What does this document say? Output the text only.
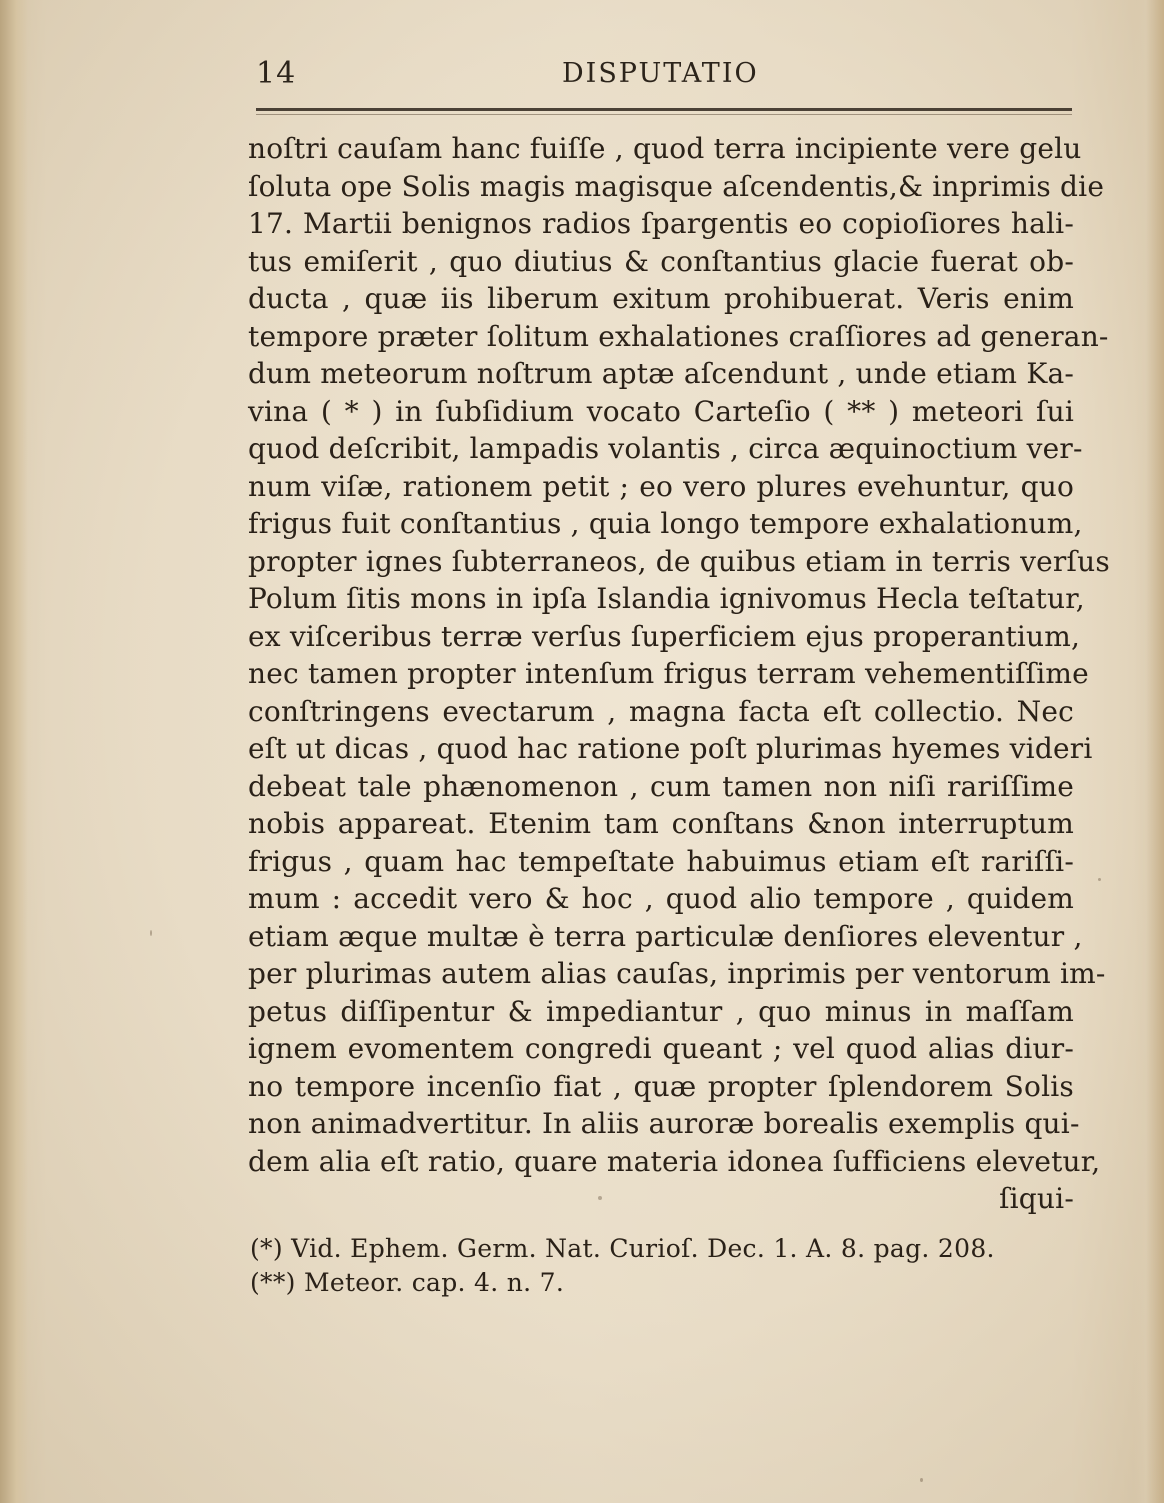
14	DISPUTATIO
noſtri cauſam hanc fuiſſe , quod terra incipiente vere gelu
ſoluta ope Solis magis magisque aſcendentis,& inprimis die
17. Martii benignos radios ſpargentis eo copioſiores hali-
tus emiſerit , quo diutius & conſtantius glacie fuerat ob-
ducta , quæ iis liberum exitum prohibuerat. Veris enim
tempore præter ſolitum exhalationes craſſiores ad generan-
dum meteorum noſtrum aptæ aſcendunt , unde etiam Ka-
vina ( * ) in ſubſidium vocato Carteſio ( ** ) meteori ſui
quod deſcribit, lampadis volantis , circa æquinoctium ver-
num viſæ, rationem petit ; eo vero plures evehuntur, quo
frigus fuit conſtantius , quia longo tempore exhalationum,
propter ignes ſubterraneos, de quibus etiam in terris verſus
Polum ſitis mons in ipſa Islandia ignivomus Hecla teſtatur,
ex viſceribus terræ verſus ſuperficiem ejus properantium,
nec tamen propter intenſum frigus terram vehementiſſime
conſtringens evectarum , magna facta eſt collectio. Nec
eſt ut dicas , quod hac ratione poſt plurimas hyemes videri
debeat tale phænomenon , cum tamen non niſi rariſſime
nobis appareat. Etenim tam conſtans &non interruptum
frigus , quam hac tempeſtate habuimus etiam eſt rariſſi-
mum : accedit vero & hoc , quod alio tempore , quidem
etiam æque multæ è terra particulæ denſiores eleventur ,
per plurimas autem alias cauſas, inprimis per ventorum im-
petus diſſipentur & impediantur , quo minus in maſſam
ignem evomentem congredi queant ; vel quod alias diur-
no tempore incenſio fiat , quæ propter ſplendorem Solis
non animadvertitur. In aliis auroræ borealis exemplis qui-
dem alia eſt ratio, quare materia idonea ſufficiens elevetur,
ſiqui-
(*) Vid. Ephem. Germ. Nat. Curioſ. Dec. 1. A. 8. pag. 208.
(**) Meteor. cap. 4. n. 7.
